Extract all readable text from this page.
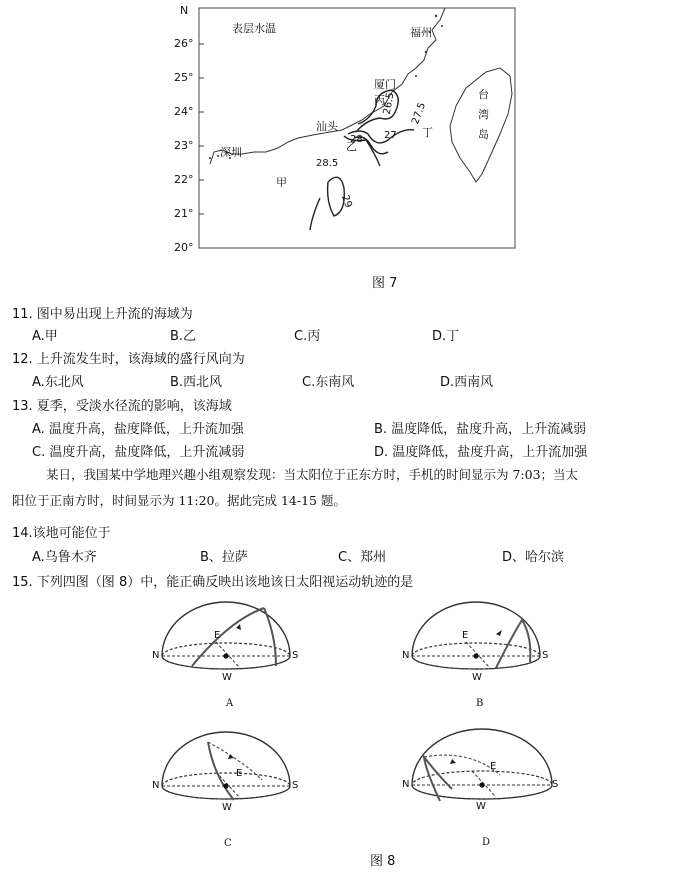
N
26°
25°
24°
23°
22°
21°
20°
表层水温	福州
厦门
汕头
深圳
台
湾
岛
甲
乙
丙
丁
28.5
29
28 27
27.5
26.5
图 7
11. 图中易出现上升流的海域为
A.甲	B.乙	C.丙	D.丁
12. 上升流发生时，该海域的盛行风向为
A.东北风	B.西北风	C.东南风	D.西南风
13. 夏季，受淡水径流的影响，该海域
A. 温度升高，盐度降低，上升流加强	B. 温度降低，盐度升高，上升流减弱
C. 温度升高，盐度降低，上升流减弱	D. 温度降低，盐度升高，上升流加强
某日，我国某中学地理兴趣小组观察发现：当太阳位于正东方时，手机的时间显示为 7:03；当太
阳位于正南方时，时间显示为 11:20。据此完成 14-15 题。
14.该地可能位于
A.乌鲁木齐	B、拉萨	C、郑州	D、哈尔滨
15. 下列四图（图 8）中，能正确反映出该地该日太阳视运动轨迹的是
N	S
E
W
A
N	S
E
W
B
N	S
E
W
C
N	S
E
W
D
图 8
